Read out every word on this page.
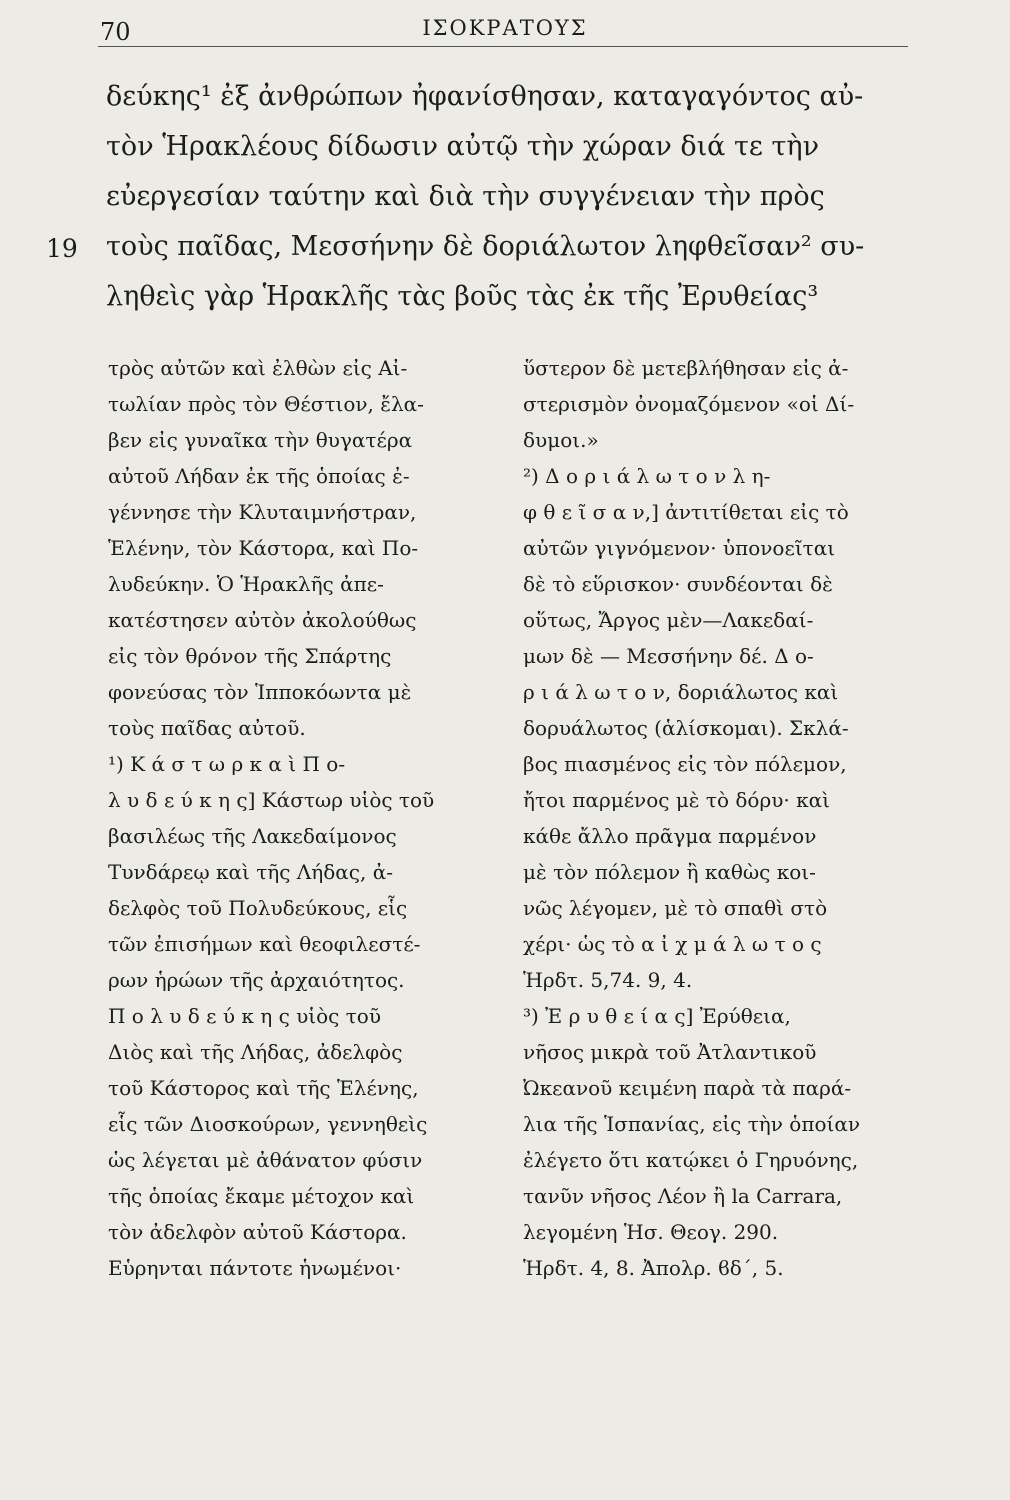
70	ΙΣΟΚΡΑΤΟΥΣ
19
δεύκης¹ ἐξ ἀνθρώπων ἠφανίσθησαν, καταγαγόντος αὐ-
τὸν Ἡρακλέους δίδωσιν αὐτῷ τὴν χώραν διά τε τὴν
εὐεργεσίαν ταύτην καὶ διὰ τὴν συγγένειαν τὴν πρὸς
τοὺς παῖδας, Μεσσήνην δὲ δοριάλωτον ληφθεῖσαν² συ-
ληθεὶς γὰρ Ἡρακλῆς τὰς βοῦς τὰς ἐκ τῆς Ἐρυθείας³
τρὸς αὐτῶν καὶ ἐλθὼν εἰς Αἰ-
τωλίαν πρὸς τὸν Θέστιον, ἔλα-
βεν εἰς γυναῖκα τὴν θυγατέρα
αὐτοῦ Λήδαν ἐκ τῆς ὁποίας ἐ-
γέννησε τὴν Κλυταιμνήστραν,
Ἑλένην, τὸν Κάστορα, καὶ Πο-
λυδεύκην. Ὁ Ἡρακλῆς ἀπε-
κατέστησεν αὐτὸν ἀκολούθως
εἰς τὸν θρόνον τῆς Σπάρτης
φονεύσας τὸν Ἱπποκόωντα μὲ
τοὺς παῖδας αὐτοῦ.
¹) Κ ά σ τ ω ρ κ α ὶ Π ο-
λ υ δ ε ύ κ η ς] Κάστωρ υἱὸς τοῦ
βασιλέως τῆς Λακεδαίμονος
Τυνδάρεῳ καὶ τῆς Λήδας, ἀ-
δελφὸς τοῦ Πολυδεύκους, εἷς
τῶν ἐπισήμων καὶ θεοφιλεστέ-
ρων ἡρώων τῆς ἀρχαιότητος.
Π ο λ υ δ ε ύ κ η ς υἱὸς τοῦ
Διὸς καὶ τῆς Λήδας, ἀδελφὸς
τοῦ Κάστορος καὶ τῆς Ἑλένης,
εἷς τῶν Διοσκούρων, γεννηθεὶς
ὡς λέγεται μὲ ἀθάνατον φύσιν
τῆς ὁποίας ἔκαμε μέτοχον καὶ
τὸν ἀδελφὸν αὐτοῦ Κάστορα.
Εὑρηνται πάντοτε ἡνωμένοι·
ὕστερον δὲ μετεβλήθησαν εἰς ἀ-
στερισμὸν ὀνομαζόμενον «οἱ Δί-
δυμοι.»
²) Δ ο ρ ι ά λ ω τ ο ν λ η-
φ θ ε ῖ σ α ν,] ἀντιτίθεται εἰς τὸ
αὐτῶν γιγνόμενον· ὑπονοεῖται
δὲ τὸ εὕρισκον· συνδέονται δὲ
οὕτως, Ἄργος μὲν—Λακεδαί-
μων δὲ — Μεσσήνην δέ. Δ ο-
ρ ι ά λ ω τ ο ν, δοριάλωτος καὶ
δορυάλωτος (ἁλίσκομαι). Σκλά-
βος πιασμένος εἰς τὸν πόλεμον,
ἤτοι παρμένος μὲ τὸ δόρυ· καὶ
κάθε ἄλλο πρᾶγμα παρμένον
μὲ τὸν πόλεμον ἢ καθὼς κοι-
νῶς λέγομεν, μὲ τὸ σπαθὶ στὸ
χέρι· ὡς τὸ α ἰ χ μ ά λ ω τ ο ς
Ἡρδτ. 5,74. 9, 4.
³) Ἐ ρ υ θ ε ί α ς] Ἐρύθεια,
νῆσος μικρὰ τοῦ Ἀτλαντικοῦ
Ὠκεανοῦ κειμένη παρὰ τὰ παρά-
λια τῆς Ἱσπανίας, εἰς τὴν ὁποίαν
ἐλέγετο ὅτι κατῴκει ὁ Γηρυόνης,
τανῦν νῆσος Λέον ἢ la Carrara,
λεγομένη Ἡσ. Θεογ. 290.
Ἡρδτ. 4, 8. Ἀπολρ. ϐδ΄, 5.
